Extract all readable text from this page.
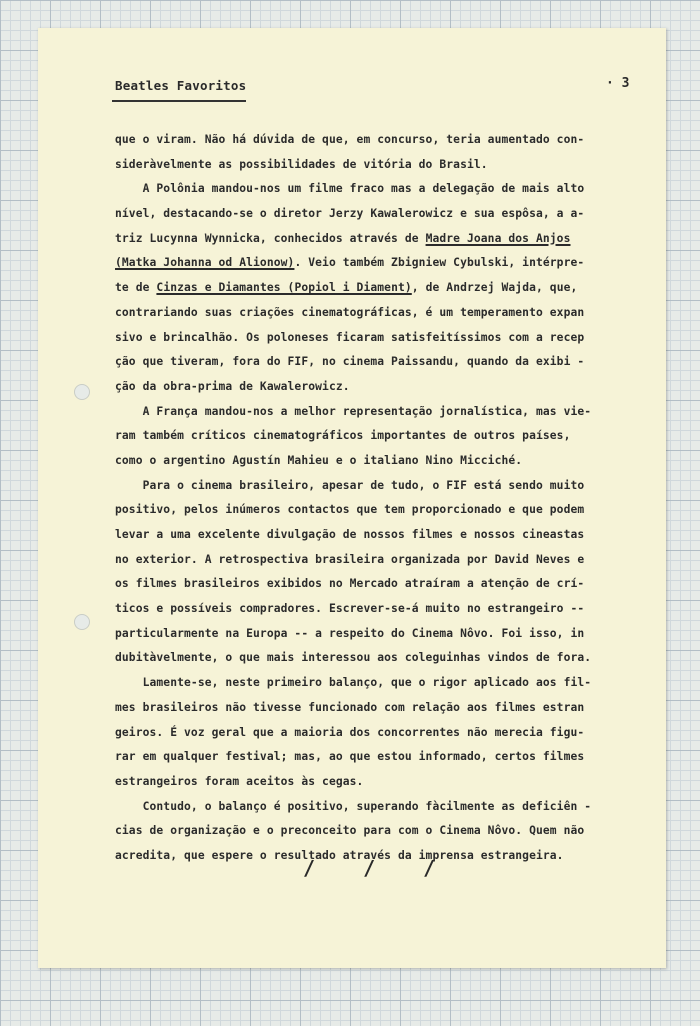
Beatles Favoritos	· 3
que o viram. Não há dúvida de que, em concurso, teria aumentado con-
sideràvelmente as possibilidades de vitória do Brasil.
A Polônia mandou-nos um filme fraco mas a delegação de mais alto
nível, destacando-se o diretor Jerzy Kawalerowicz e sua espôsa, a a-
triz Lucynna Wynnicka, conhecidos através de Madre Joana dos Anjos
(Matka Johanna od Alionow). Veio também Zbigniew Cybulski, intérpre-
te de Cinzas e Diamantes (Popiol i Diament), de Andrzej Wajda, que,
contrariando suas criações cinematográficas, é um temperamento expan
sivo e brincalhão. Os poloneses ficaram satisfeitíssimos com a recep
ção que tiveram, fora do FIF, no cinema Paissandu, quando da exibi -
ção da obra-prima de Kawalerowicz.
A França mandou-nos a melhor representação jornalística, mas vie-
ram também críticos cinematográficos importantes de outros países,
como o argentino Agustín Mahieu e o italiano Nino Micciché.
Para o cinema brasileiro, apesar de tudo, o FIF está sendo muito
positivo, pelos inúmeros contactos que tem proporcionado e que podem
levar a uma excelente divulgação de nossos filmes e nossos cineastas
no exterior. A retrospectiva brasileira organizada por David Neves e
os filmes brasileiros exibidos no Mercado atraíram a atenção de crí-
ticos e possíveis compradores. Escrever-se-á muito no estrangeiro --
particularmente na Europa -- a respeito do Cinema Nôvo. Foi isso, in
dubitàvelmente, o que mais interessou aos coleguinhas vindos de fora.
Lamente-se, neste primeiro balanço, que o rigor aplicado aos fil-
mes brasileiros não tivesse funcionado com relação aos filmes estran
geiros. É voz geral que a maioria dos concorrentes não merecia figu-
rar em qualquer festival; mas, ao que estou informado, certos filmes
estrangeiros foram aceitos às cegas.
Contudo, o balanço é positivo, superando fàcilmente as deficiên -
cias de organização e o preconceito para com o Cinema Nôvo. Quem não
acredita, que espere o resultado através da imprensa estrangeira.
/ / /
